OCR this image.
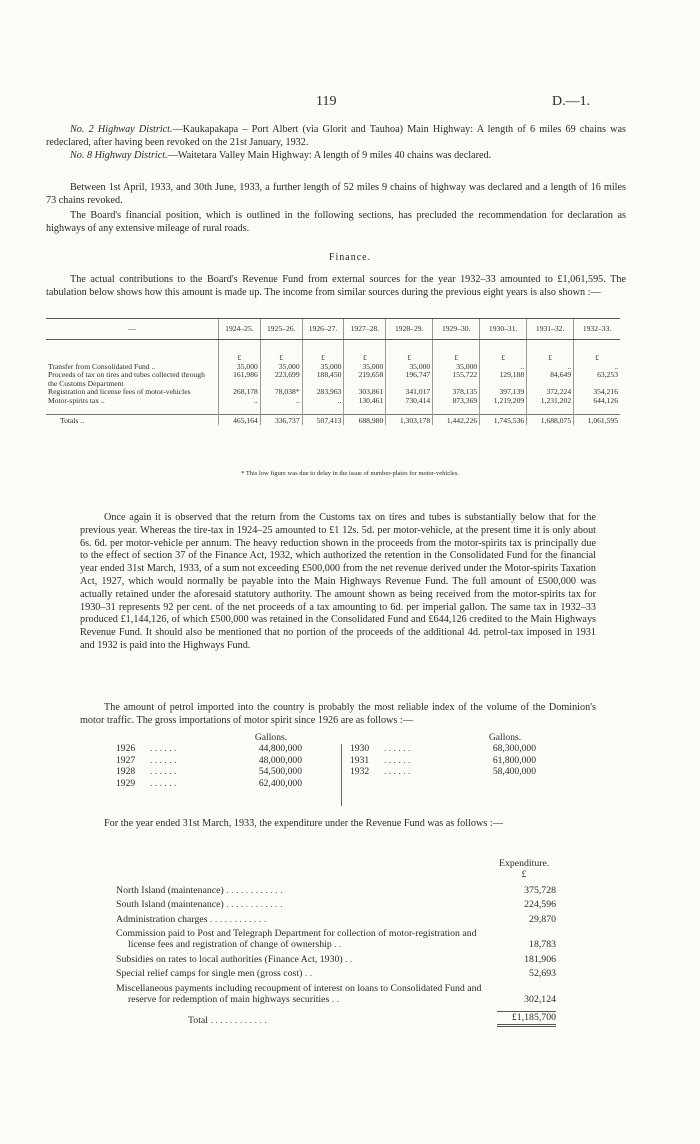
119	D.—1.

No. 2 Highway District.—Kaukapakapa – Port Albert (via Glorit and Tauhoa) Main Highway: A length of 6 miles 69 chains was redeclared, after having been revoked on the 21st January, 1932.

No. 8 Highway District.—Waitetara Valley Main Highway: A length of 9 miles 40 chains was declared.

Between 1st April, 1933, and 30th June, 1933, a further length of 52 miles 9 chains of highway was declared and a length of 16 miles 73 chains revoked.

The Board's financial position, which is outlined in the following sections, has precluded the recommendation for declaration as highways of any extensive mileage of rural roads.

Finance.

The actual contributions to the Board's Revenue Fund from external sources for the year 1932–33 amounted to £1,061,595. The tabulation below shows how this amount is made up. The income from similar sources during the previous eight years is also shown :—

—	1924–25.	1925–26.	1926–27.	1927–28.	1928–29.	1929–30.	1930–31.	1931–32.	1932–33.
	£	£	£	£	£	£	£	£	£
Transfer from Consolidated Fund ..	35,000	35,000	35,000	35,000	35,000	35,000	..	..	..
Proceeds of tax on tires and tubes collected through the Customs Department	161,986	223,699	188,450	219,658	196,747	155,722	129,188	84,649	63,253
Registration and license fees of motor-vehicles	268,178	78,038*	283,963	303,861	341,017	378,135	397,139	372,224	354,216
Motor-spirits tax ..	..	..	..	130,461	730,414	873,369	1,219,209	1,231,202	644,126

Totals ..	465,164	336,737	507,413	688,980	1,303,178	1,442,226	1,745,536	1,688,075	1,061,595
* This low figure was due to delay in the issue of number-plates for motor-vehicles.

Once again it is observed that the return from the Customs tax on tires and tubes is substantially below that for the previous year. Whereas the tire-tax in 1924–25 amounted to £1 12s. 5d. per motor-vehicle, at the present time it is only about 6s. 6d. per motor-vehicle per annum. The heavy reduction shown in the proceeds from the motor-spirits tax is principally due to the effect of section 37 of the Finance Act, 1932, which authorized the retention in the Consolidated Fund for the financial year ended 31st March, 1933, of a sum not exceeding £500,000 from the net revenue derived under the Motor-spirits Taxation Act, 1927, which would normally be payable into the Main Highways Revenue Fund. The full amount of £500,000 was actually retained under the aforesaid statutory authority. The amount shown as being received from the motor-spirits tax for 1930–31 represents 92 per cent. of the net proceeds of a tax amounting to 6d. per imperial gallon. The same tax in 1932–33 produced £1,144,126, of which £500,000 was retained in the Consolidated Fund and £644,126 credited to the Main Highways Revenue Fund. It should also be mentioned that no portion of the proceeds of the additional 4d. petrol-tax imposed in 1931 and 1932 is paid into the Highways Fund.

The amount of petrol imported into the country is probably the most reliable index of the volume of the Dominion's motor traffic. The gross importations of motor spirit since 1926 are as follows :—

Gallons.
1926	. . . . . .	44,800,000
1927	. . . . . .	48,000,000
1928	. . . . . .	54,500,000
1929	. . . . . .	62,400,000
Gallons.
1930	. . . . . .	68,300,000
1931	. . . . . .	61,800,000
1932	. . . . . .	58,400,000

For the year ended 31st March, 1933, the expenditure under the Revenue Fund was as follows :—

Expenditure.
£
North Island (maintenance) . . . . . . . . . . . .	375,728
South Island (maintenance) . . . . . . . . . . . .	224,596
Administration charges . . . . . . . . . . . .	29,870
Commission paid to Post and Telegraph Department for collection of motor-registration and license fees and registration of change of ownership . .	18,783
Subsidies on rates to local authorities (Finance Act, 1930) . .	181,906
Special relief camps for single men (gross cost) . .	52,693
Miscellaneous payments including recoupment of interest on loans to Consolidated Fund and reserve for redemption of main highways securities . .	302,124
Total . . . . . . . . . . . .	£1,185,700
